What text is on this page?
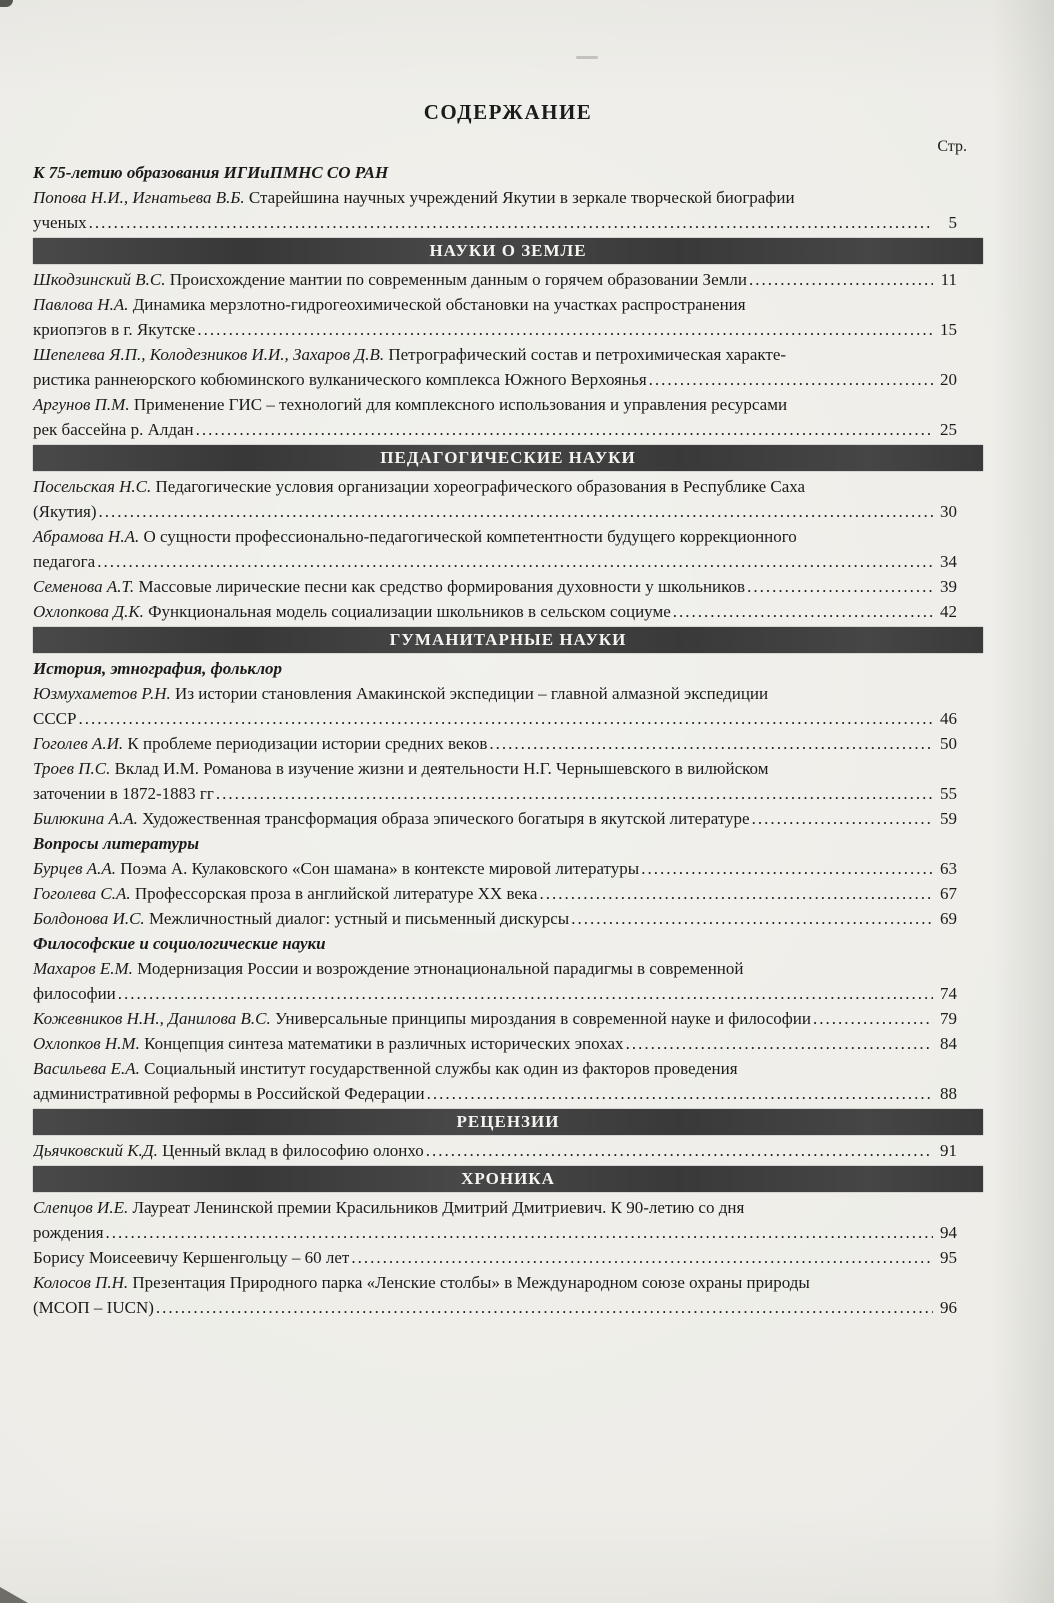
СОДЕРЖАНИЕ
Стр.
К 75-летию образования ИГИиПМНС СО РАН
Попова Н.И., Игнатьева В.Б. Старейшина научных учреждений Якутии в зеркале творческой биографии
ученых .....	5
НАУКИ О ЗЕМЛЕ
Шкодзинский В.С. Происхождение мантии по современным данным о горячем образовании Земли .....	11
Павлова Н.А. Динамика мерзлотно-гидрогеохимической обстановки на участках распространения
криопэгов в г. Якутске .....	15
Шепелева Я.П., Колодезников И.И., Захаров Д.В. Петрографический состав и петрохимическая характе-
ристика раннеюрского кобюминского вулканического комплекса Южного Верхоянья .....	20
Аргунов П.М. Применение ГИС – технологий для комплексного использования и управления ресурсами
рек бассейна р. Алдан .....	25
ПЕДАГОГИЧЕСКИЕ НАУКИ
Посельская Н.С. Педагогические условия организации хореографического образования в Республике Саха
(Якутия) .....	30
Абрамова Н.А. О сущности профессионально-педагогической компетентности будущего коррекционного
педагога .....	34
Семенова А.Т. Массовые лирические песни как средство формирования духовности у школьников .....	39
Охлопкова Д.К. Функциональная модель социализации школьников в сельском социуме .....	42
ГУМАНИТАРНЫЕ НАУКИ
История, этнография, фольклор
Юзмухаметов Р.Н. Из истории становления Амакинской экспедиции – главной алмазной экспедиции
СССР .....	46
Гоголев А.И. К проблеме периодизации истории средних веков .....	50
Троев П.С. Вклад И.М. Романова в изучение жизни и деятельности Н.Г. Чернышевского в вилюйском
заточении в 1872-1883 гг .....	55
Билюкина А.А. Художественная трансформация образа эпического богатыря в якутской литературе .....	59
Вопросы литературы
Бурцев А.А. Поэма А. Кулаковского «Сон шамана» в контексте мировой литературы .....	63
Гоголева С.А. Профессорская проза в английской литературе XX века .....	67
Болдонова И.С. Межличностный диалог: устный и письменный дискурсы .....	69
Философские и социологические науки
Махаров Е.М. Модернизация России и возрождение этнонациональной парадигмы в современной
философии .....	74
Кожевников Н.Н., Данилова В.С. Универсальные принципы мироздания в современной науке и философии .....	79
Охлопков Н.М. Концепция синтеза математики в различных исторических эпохах .....	84
Васильева Е.А. Социальный институт государственной службы как один из факторов проведения
административной реформы в Российской Федерации .....	88
РЕЦЕНЗИИ
Дьячковский К.Д. Ценный вклад в философию олонхо .....	91
ХРОНИКА
Слепцов И.Е. Лауреат Ленинской премии Красильников Дмитрий Дмитриевич. К 90-летию со дня
рождения .....	94
Борису Моисеевичу Кершенгольцу – 60 лет .....	95
Колосов П.Н. Презентация Природного парка «Ленские столбы» в Международном союзе охраны природы
(МСОП – IUCN) .....	96
